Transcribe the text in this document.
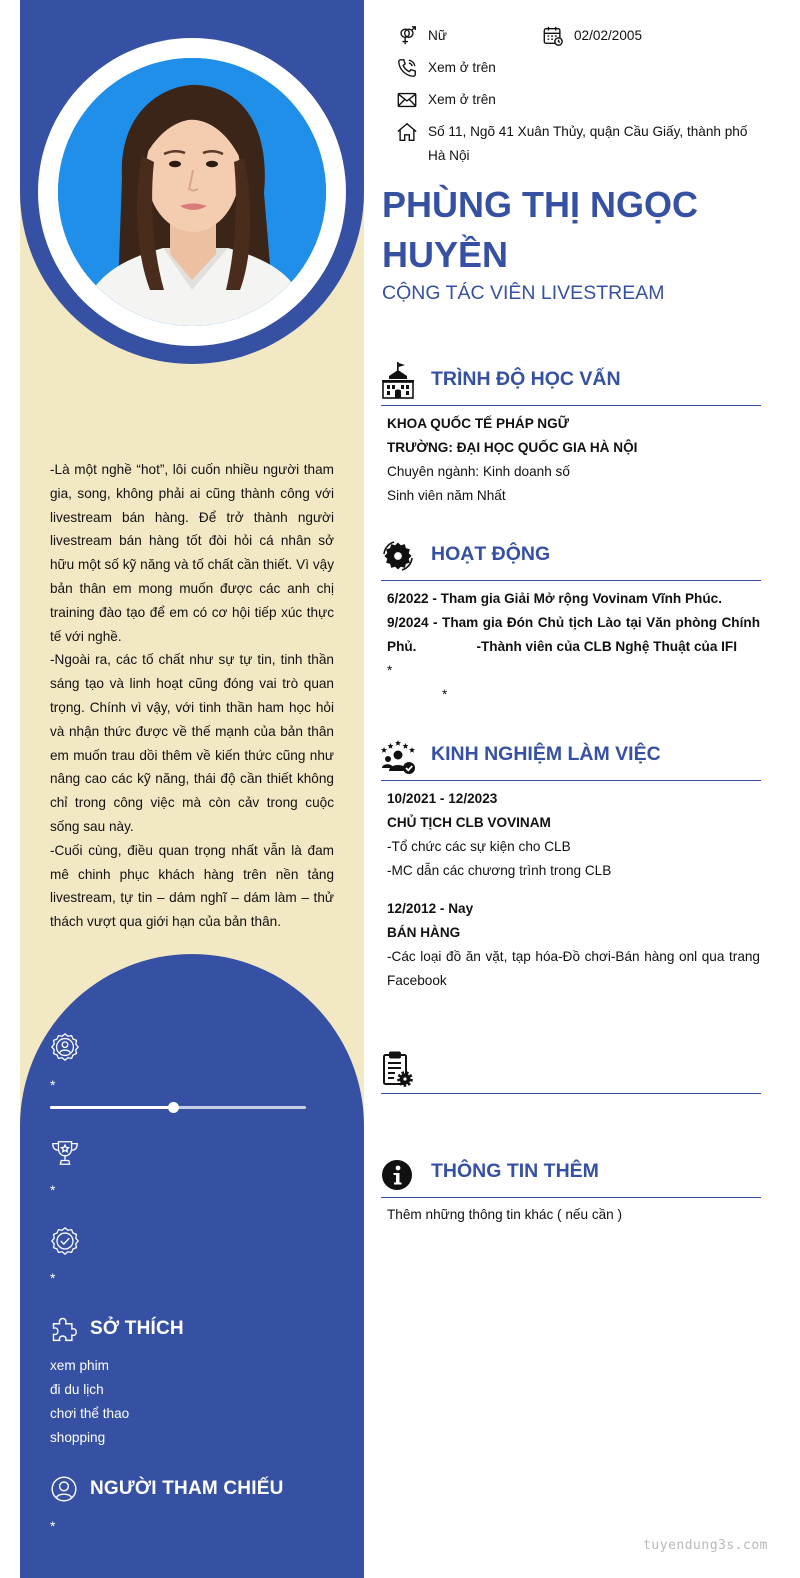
-Là một nghề “hot”, lôi cuốn nhiều người tham gia, song, không phải ai cũng thành công với livestream bán hàng. Để trở thành người livestream bán hàng tốt đòi hỏi cá nhân sở hữu một số kỹ năng và tố chất cần thiết. Vì vậy bản thân em mong muốn được các anh chị training đào tạo để em có cơ hội tiếp xúc thực tế với nghề.

-Ngoài ra, các tố chất như sự tự tin, tinh thần sáng tạo và linh hoạt cũng đóng vai trò quan trọng. Chính vì vậy, với tinh thần ham học hỏi và nhận thức được về thế mạnh của bản thân em muốn trau dồi thêm về kiến thức cũng như nâng cao các kỹ năng, thái độ cần thiết không chỉ trong công việc mà còn cảv trong cuộc sống sau này.

-Cuối cùng, điều quan trọng nhất vẫn là đam mê chinh phục khách hàng trên nền tảng livestream, tự tin – dám nghĩ – dám làm – thử thách vượt qua giới hạn của bản thân.

*
*
*
SỞ THÍCH
xem phim
đi du lịch
chơi thể thao
shopping
NGƯỜI THAM CHIẾU
*
Nữ	02/02/2005
Xem ở trên
Xem ở trên
Số 11, Ngõ 41 Xuân Thủy, quận Cầu Giấy, thành phố Hà Nội
PHÙNG THỊ NGỌC HUYỀN
CỘNG TÁC VIÊN LIVESTREAM
TRÌNH ĐỘ HỌC VẤN
KHOA QUỐC TẾ PHÁP NGỮ
TRƯỜNG: ĐẠI HỌC QUỐC GIA HÀ NỘI
Chuyên ngành: Kinh doanh số
Sinh viên năm Nhất
HOẠT ĐỘNG
6/2022 - Tham gia Giải Mở rộng Vovinam Vĩnh Phúc.
9/2024 - Tham gia Đón Chủ tịch Lào tại Văn phòng Chính Phủ.	-Thành viên của CLB Nghệ Thuật của IFI
*
*
KINH NGHIỆM LÀM VIỆC
10/2021 - 12/2023
CHỦ TỊCH CLB VOVINAM
-Tổ chức các sự kiện cho CLB
-MC dẫn các chương trình trong CLB
12/2012 - Nay
BÁN HÀNG
-Các loại đồ ăn vặt, tạp hóa-Đồ chơi-Bán hàng onl qua trang Facebook
THÔNG TIN THÊM
Thêm những thông tin khác ( nếu cần )
tuyendung3s.com
